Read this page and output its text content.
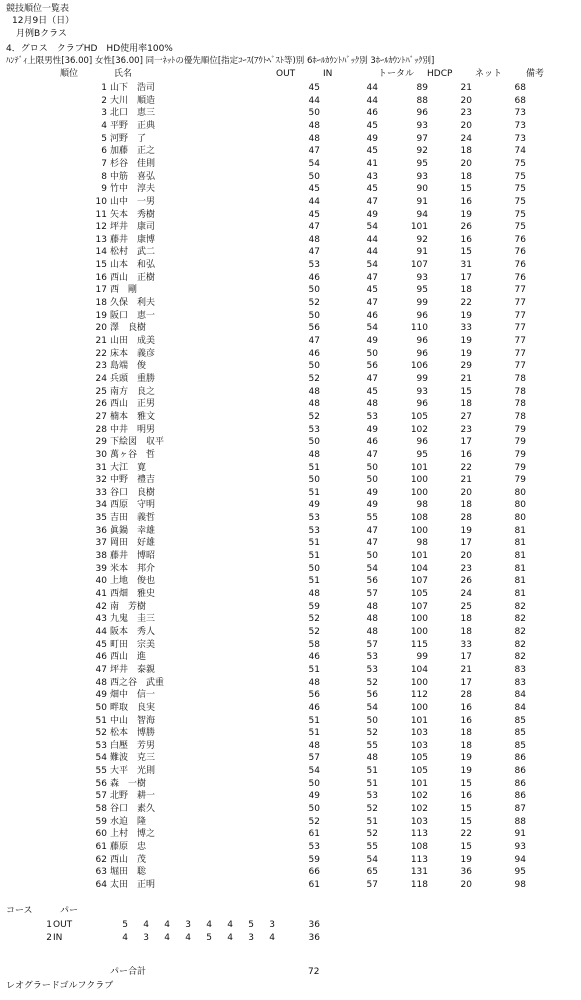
競技順位一覧表
12月9日（日）
月例Bクラス
4．グロス　クラブHD　HD使用率100%
ﾊﾝﾃﾞｨ上限男性[36.00] 女性[36.00] 同一ﾈｯﾄの優先順位[指定ｺｰｽ(ｱｳﾄﾍﾞｽﾄ等)別 6ﾎｰﾙｶｳﾝﾄﾊﾞｯｸ別 3ﾎｰﾙｶｳﾝﾄﾊﾞｯｸ別]
順位	氏名	OUT	IN	トータル HDCP	ネット	備考
1 山下　浩司	45	44	89	21	68
2 大川　順造	44	44	88	20	68
3 北口　恵三	50	46	96	23	73
4 平野　正典	48	45	93	20	73
5 河野　了	48	49	97	24	73
6 加藤　正之	47	45	92	18	74
7 杉谷　佳則	54	41	95	20	75
8 中筋　喜弘	50	43	93	18	75
9 竹中　淳夫	45	45	90	15	75
10 山中　一男	44	47	91	16	75
11 矢本　秀樹	45	49	94	19	75
12 坪井　康司	47	54	101	26	75
13 藤井　康博	48	44	92	16	76
14 松村　武二	47	44	91	15	76
15 山本　和弘	53	54	107	31	76
16 西山　正樹	46	47	93	17	76
17 西　剛	50	45	95	18	77
18 久保　利夫	52	47	99	22	77
19 阪口　恵一	50	46	96	19	77
20 澤　良樹	56	54	110	33	77
21 山田　成美	47	49	96	19	77
22 床本　義彦	46	50	96	19	77
23 島端　俊	50	56	106	29	77
24 兵頭　重勝	52	47	99	21	78
25 南方　良之	48	45	93	15	78
26 西山　正男	48	48	96	18	78
27 楠本　雅文	52	53	105	27	78
28 中井　明男	53	49	102	23	79
29 下絵図　収平	50	46	96	17	79
30 萬ヶ谷　哲	48	47	95	16	79
31 大江　寛	51	50	101	22	79
32 中野　禮吉	50	50	100	21	79
33 谷口　良樹	51	49	100	20	80
34 西原　守明	49	49	98	18	80
35 吉田　義哲	53	55	108	28	80
36 眞鍋　幸雄	53	47	100	19	81
37 岡田　好雄	51	47	98	17	81
38 藤井　博昭	51	50	101	20	81
39 米本　邦介	50	54	104	23	81
40 上地　俊也	51	56	107	26	81
41 西畑　雅史	48	57	105	24	81
42 南　芳樹	59	48	107	25	82
43 九鬼　圭三	52	48	100	18	82
44 阪本　秀人	52	48	100	18	82
45 町田　宗美	58	57	115	33	82
46 西山　進	46	53	99	17	82
47 坪井　泰親	51	53	104	21	83
48 西之谷　武重	48	52	100	17	83
49 畑中　信一	56	56	112	28	84
50 畔取　良実	46	54	100	16	84
51 中山　智海	51	50	101	16	85
52 松本　博勝	51	52	103	18	85
53 白壓　芳男	48	55	103	18	85
54 難波　克三	57	48	105	19	86
55 大平　光則	54	51	105	19	86
56 森　一樹	50	51	101	15	86
57 北野　耕一	49	53	102	16	86
58 谷口　素久	50	52	102	15	87
59 水迫　隆	52	51	103	15	88
60 上村　博之	61	52	113	22	91
61 藤原　忠	53	55	108	15	93
62 西山　茂	59	54	113	19	94
63 堀田　聡	66	65	131	36	95
64 太田　正明	61	57	118	20	98
コース	パー
1 OUT	5	4	4	3	4	4	5	3	36
2 IN	4	3	4	4	5	4	3	4	36
パー合計	72
レオグラードゴルフクラブ
